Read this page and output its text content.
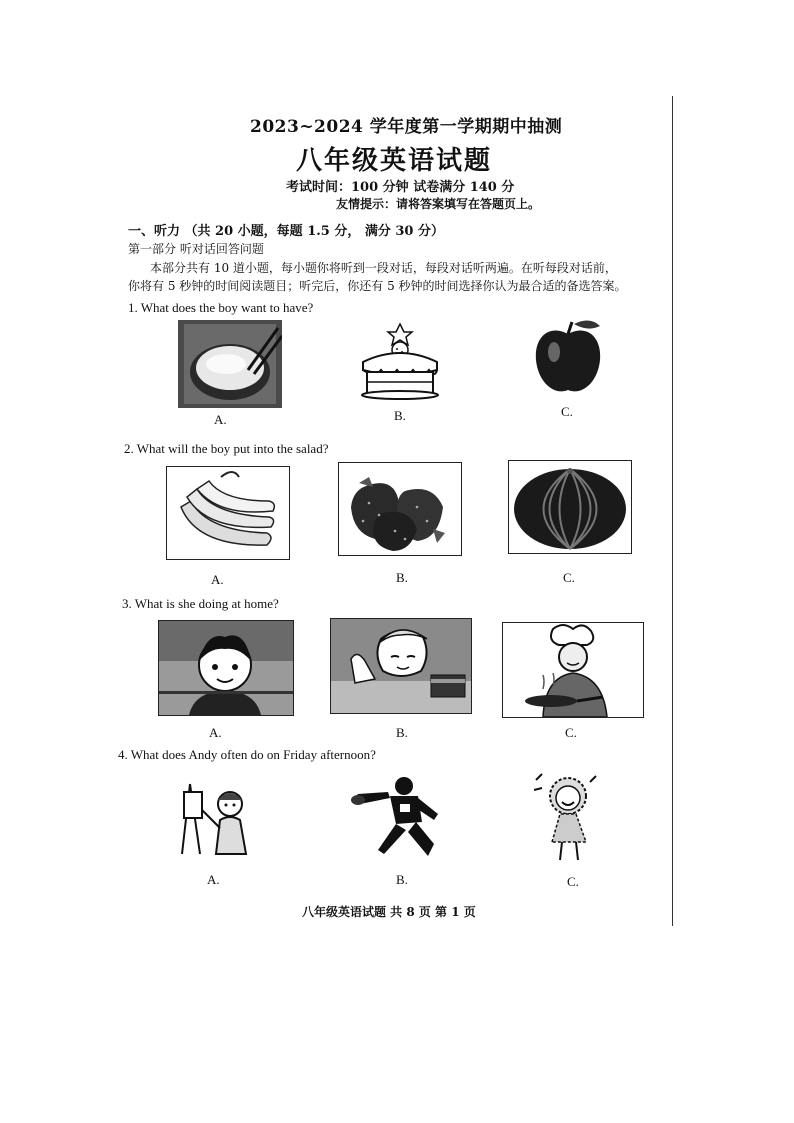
2023~2024 学年度第一学期期中抽测
八年级英语试题
考试时间：100 分钟 试卷满分 140 分
友情提示：请将答案填写在答题页上。
一、听力 （共 20 小题，每题 1.5 分， 满分 30 分）
第一部分 听对话回答问题
本部分共有 10 道小题，每小题你将听到一段对话，每段对话听两遍。在听每段对话前，
你将有 5 秒钟的时间阅读题目；听完后，你还有 5 秒钟的时间选择你认为最合适的备选答案。
1. What does the boy want to have?
A.	B.	C.
2. What will the boy put into the salad?
A.	B.	C.
3. What is she doing at home?
A.	B.	C.
4. What does Andy often do on Friday afternoon?
A.	B.	C.
八年级英语试题 共 8 页 第 1 页
